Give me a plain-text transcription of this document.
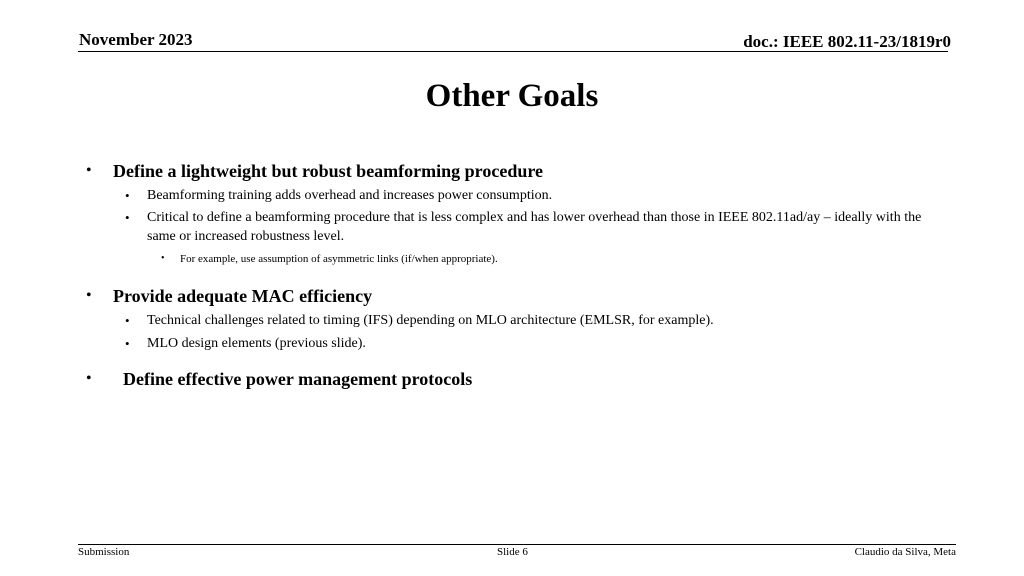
November 2023	doc.: IEEE 802.11-23/1819r0
Other Goals
• Define a lightweight but robust beamforming procedure
• Beamforming training adds overhead and increases power consumption.
• Critical to define a beamforming procedure that is less complex and has lower overhead than those in IEEE 802.11ad/ay – ideally with the same or increased robustness level.
• For example, use assumption of asymmetric links (if/when appropriate).
• Provide adequate MAC efficiency
• Technical challenges related to timing (IFS) depending on MLO architecture (EMLSR, for example).
• MLO design elements (previous slide).
• Define effective power management protocols
Submission	Slide 6	Claudio da Silva, Meta
